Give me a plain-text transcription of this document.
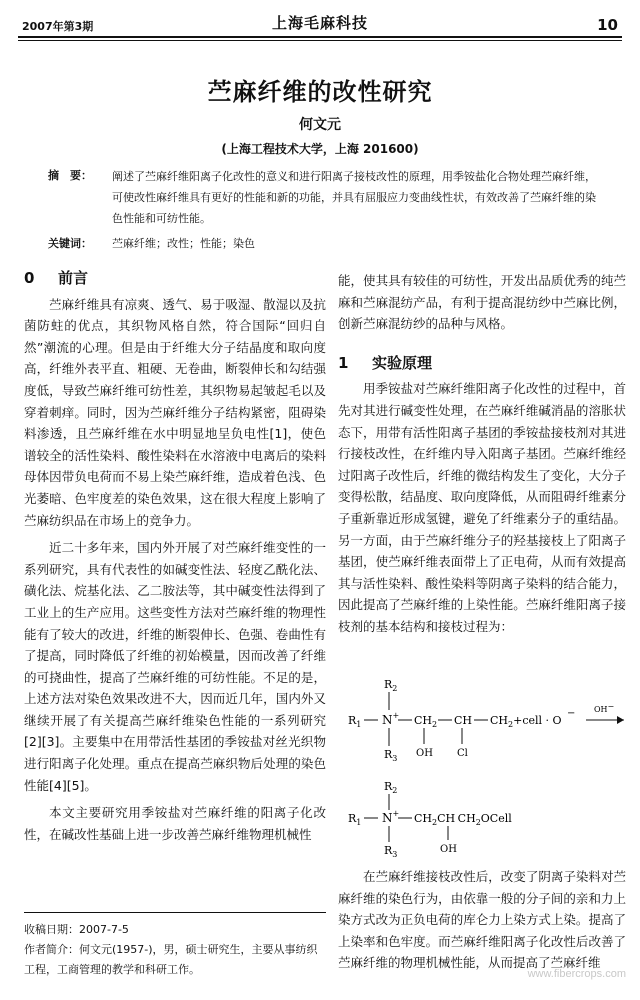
2007年第3期	上海毛麻科技	10
苎麻纤维的改性研究
何文元
(上海工程技术大学，上海 201600)
摘　要： 阐述了苎麻纤维阳离子化改性的意义和进行阳离子接枝改性的原理，用季铵盐化合物处理苎麻纤维，可使改性麻纤维具有更好的性能和新的功能，并具有屈服应力变曲线性状，有效改善了苎麻纤维的染色性能和可纺性能。
关键词： 苎麻纤维；改性；性能；染色
0 前言

苎麻纤维具有凉爽、透气、易于吸湿、散湿以及抗菌防蛀的优点，其织物风格自然，符合国际“回归自然”潮流的心理。但是由于纤维大分子结晶度和取向度高，纤维外表平直、粗硬、无卷曲，断裂伸长和勾结强度低，导致苎麻纤维可纺性差，其织物易起皱起毛以及穿着刺痒。同时，因为苎麻纤维分子结构紧密，阻碍染料渗透，且苎麻纤维在水中明显地呈负电性[1]，使色谱较全的活性染料、酸性染料在水溶液中电离后的染料母体因带负电荷而不易上染苎麻纤维，造成着色浅、色光萎暗、色牢度差的染色效果，这在很大程度上影响了苎麻纺织品在市场上的竞争力。

近二十多年来，国内外开展了对苎麻纤维变性的一系列研究，具有代表性的如碱变性法、轻度乙酰化法、磺化法、烷基化法、乙二胺法等，其中碱变性法得到了工业上的生产应用。这些变性方法对苎麻纤维的物理性能有了较大的改进，纤维的断裂伸长、色强、卷曲性有了提高，同时降低了纤维的初始模量，因而改善了纤维的可挠曲性，提高了苎麻纤维的可纺性能。不足的是，上述方法对染色效果改进不大，因而近几年，国内外又继续开展了有关提高苎麻纤维染色性能的一系列研究[2][3]。主要集中在用带活性基团的季铵盐对丝光织物进行阳离子化处理。重点在提高苎麻织物后处理的染色性能[4][5]。

本文主要研究用季铵盐对苎麻纤维的阳离子化改性，在碱改性基础上进一步改善苎麻纤维物理机械性

收稿日期：2007-7-5
作者简介：何文元(1957-)，男，硕士研究生，主要从事纺织工程，工商管理的教学和科研工作。
能，使其具有较佳的可纺性，开发出品质优秀的纯苎麻和苎麻混纺产品，有利于提高混纺纱中苎麻比例，创新苎麻混纺纱的品种与风格。
1 实验原理

用季铵盐对苎麻纤维阳离子化改性的过程中，首先对其进行碱变性处理，在苎麻纤维碱消晶的溶胀状态下，用带有活性阳离子基团的季铵盐接枝剂对其进行接枝改性，在纤维内导入阳离子基团。苎麻纤维经过阳离子改性后，纤维的微结构发生了变化，大分子变得松散，结晶度、取向度降低，从而阻碍纤维素分子重新靠近形成氢键，避免了纤维素分子的重结晶。另一方面，由于苎麻纤维分子的羟基接枝上了阳离子基团，使苎麻纤维表面带上了正电荷，从而有效提高其与活性染料、酸性染料等阴离子染料的结合能力，因此提高了苎麻纤维的上染性能。苎麻纤维阳离子接枝剂的基本结构和接枝过程为：

$R_2$
$R_1$ N+ $CH_2$ CH $CH_2+cell \cdot O$
−
$R_3$ OH Cl
OH−
$R_2$
$R_1$ N+ $CH_2CH$ $CH_2OCell$
$R_3$	OH

在苎麻纤维接枝改性后，改变了阴离子染料对苎麻纤维的染色行为，由依靠一般的分子间的亲和力上染方式改为正负电荷的库仑力上染方式上染。提高了上染率和色牢度。而苎麻纤维阳离子化改性后改善了苎麻纤维的物理机械性能，从而提高了苎麻纤维

www.fibercrops.com
